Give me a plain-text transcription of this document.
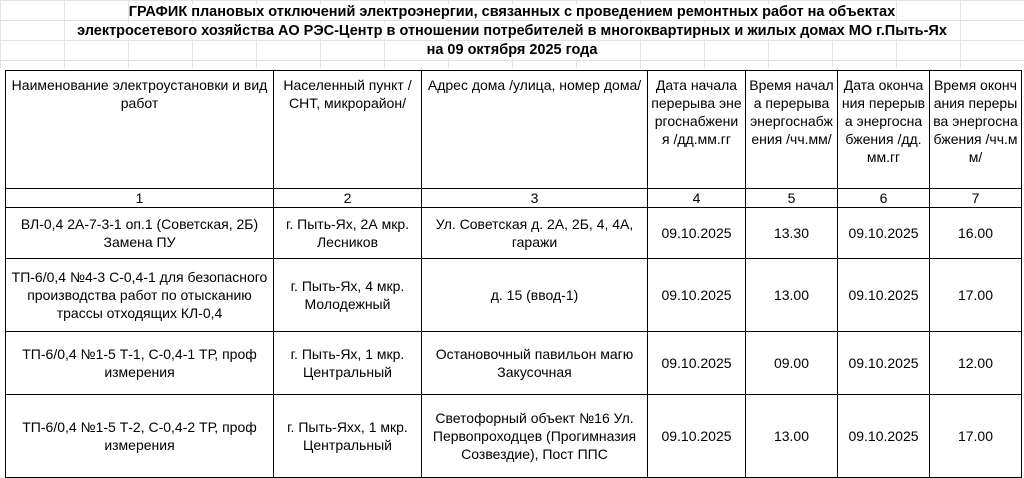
ГРАФИК плановых отключений электроэнергии, связанных с проведением ремонтных работ на объектах
электросетевого хозяйства АО РЭС-Центр в отношении потребителей в многоквартирных и жилых домах МО г.Пыть-Ях
на 09 октября 2025 года
Наименование электроустановки и вид работ	Населенный пункт /СНТ, микрорайон/	Адрес дома /улица, номер дома/	Дата начала перерыва энергоснабжения /дд.мм.гг	Время начала перерыва энергоснабжения /чч.мм/	Дата окончания перерыва энергоснабжения /дд.мм.гг	Время окончания перерыва энергоснабжения /чч.мм/
1	2	3	4	5	6	7
ВЛ-0,4 2А-7-3-1 оп.1 (Советская, 2Б) Замена ПУ	г. Пыть-Ях, 2А мкр. Лесников	Ул. Советская д. 2А, 2Б, 4, 4А, гаражи	09.10.2025	13.30	09.10.2025	16.00
ТП-6/0,4 №4-3 С-0,4-1 для безопасного производства работ по отысканию трассы отходящих КЛ-0,4	г. Пыть-Ях, 4 мкр. Молодежный	д. 15 (ввод-1)	09.10.2025	13.00	09.10.2025	17.00
ТП-6/0,4 №1-5 Т-1, С-0,4-1 ТР, проф измерения	г. Пыть-Ях, 1 мкр. Центральный	Остановочный павильон магю Закусочная	09.10.2025	09.00	09.10.2025	12.00
ТП-6/0,4 №1-5 Т-2, С-0,4-2 ТР, проф измерения	г. Пыть-Яхх, 1 мкр. Центральный	Светофорный объект №16 Ул. Первопроходцев (Прогимназия Созвездие), Пост ППС	09.10.2025	13.00	09.10.2025	17.00
